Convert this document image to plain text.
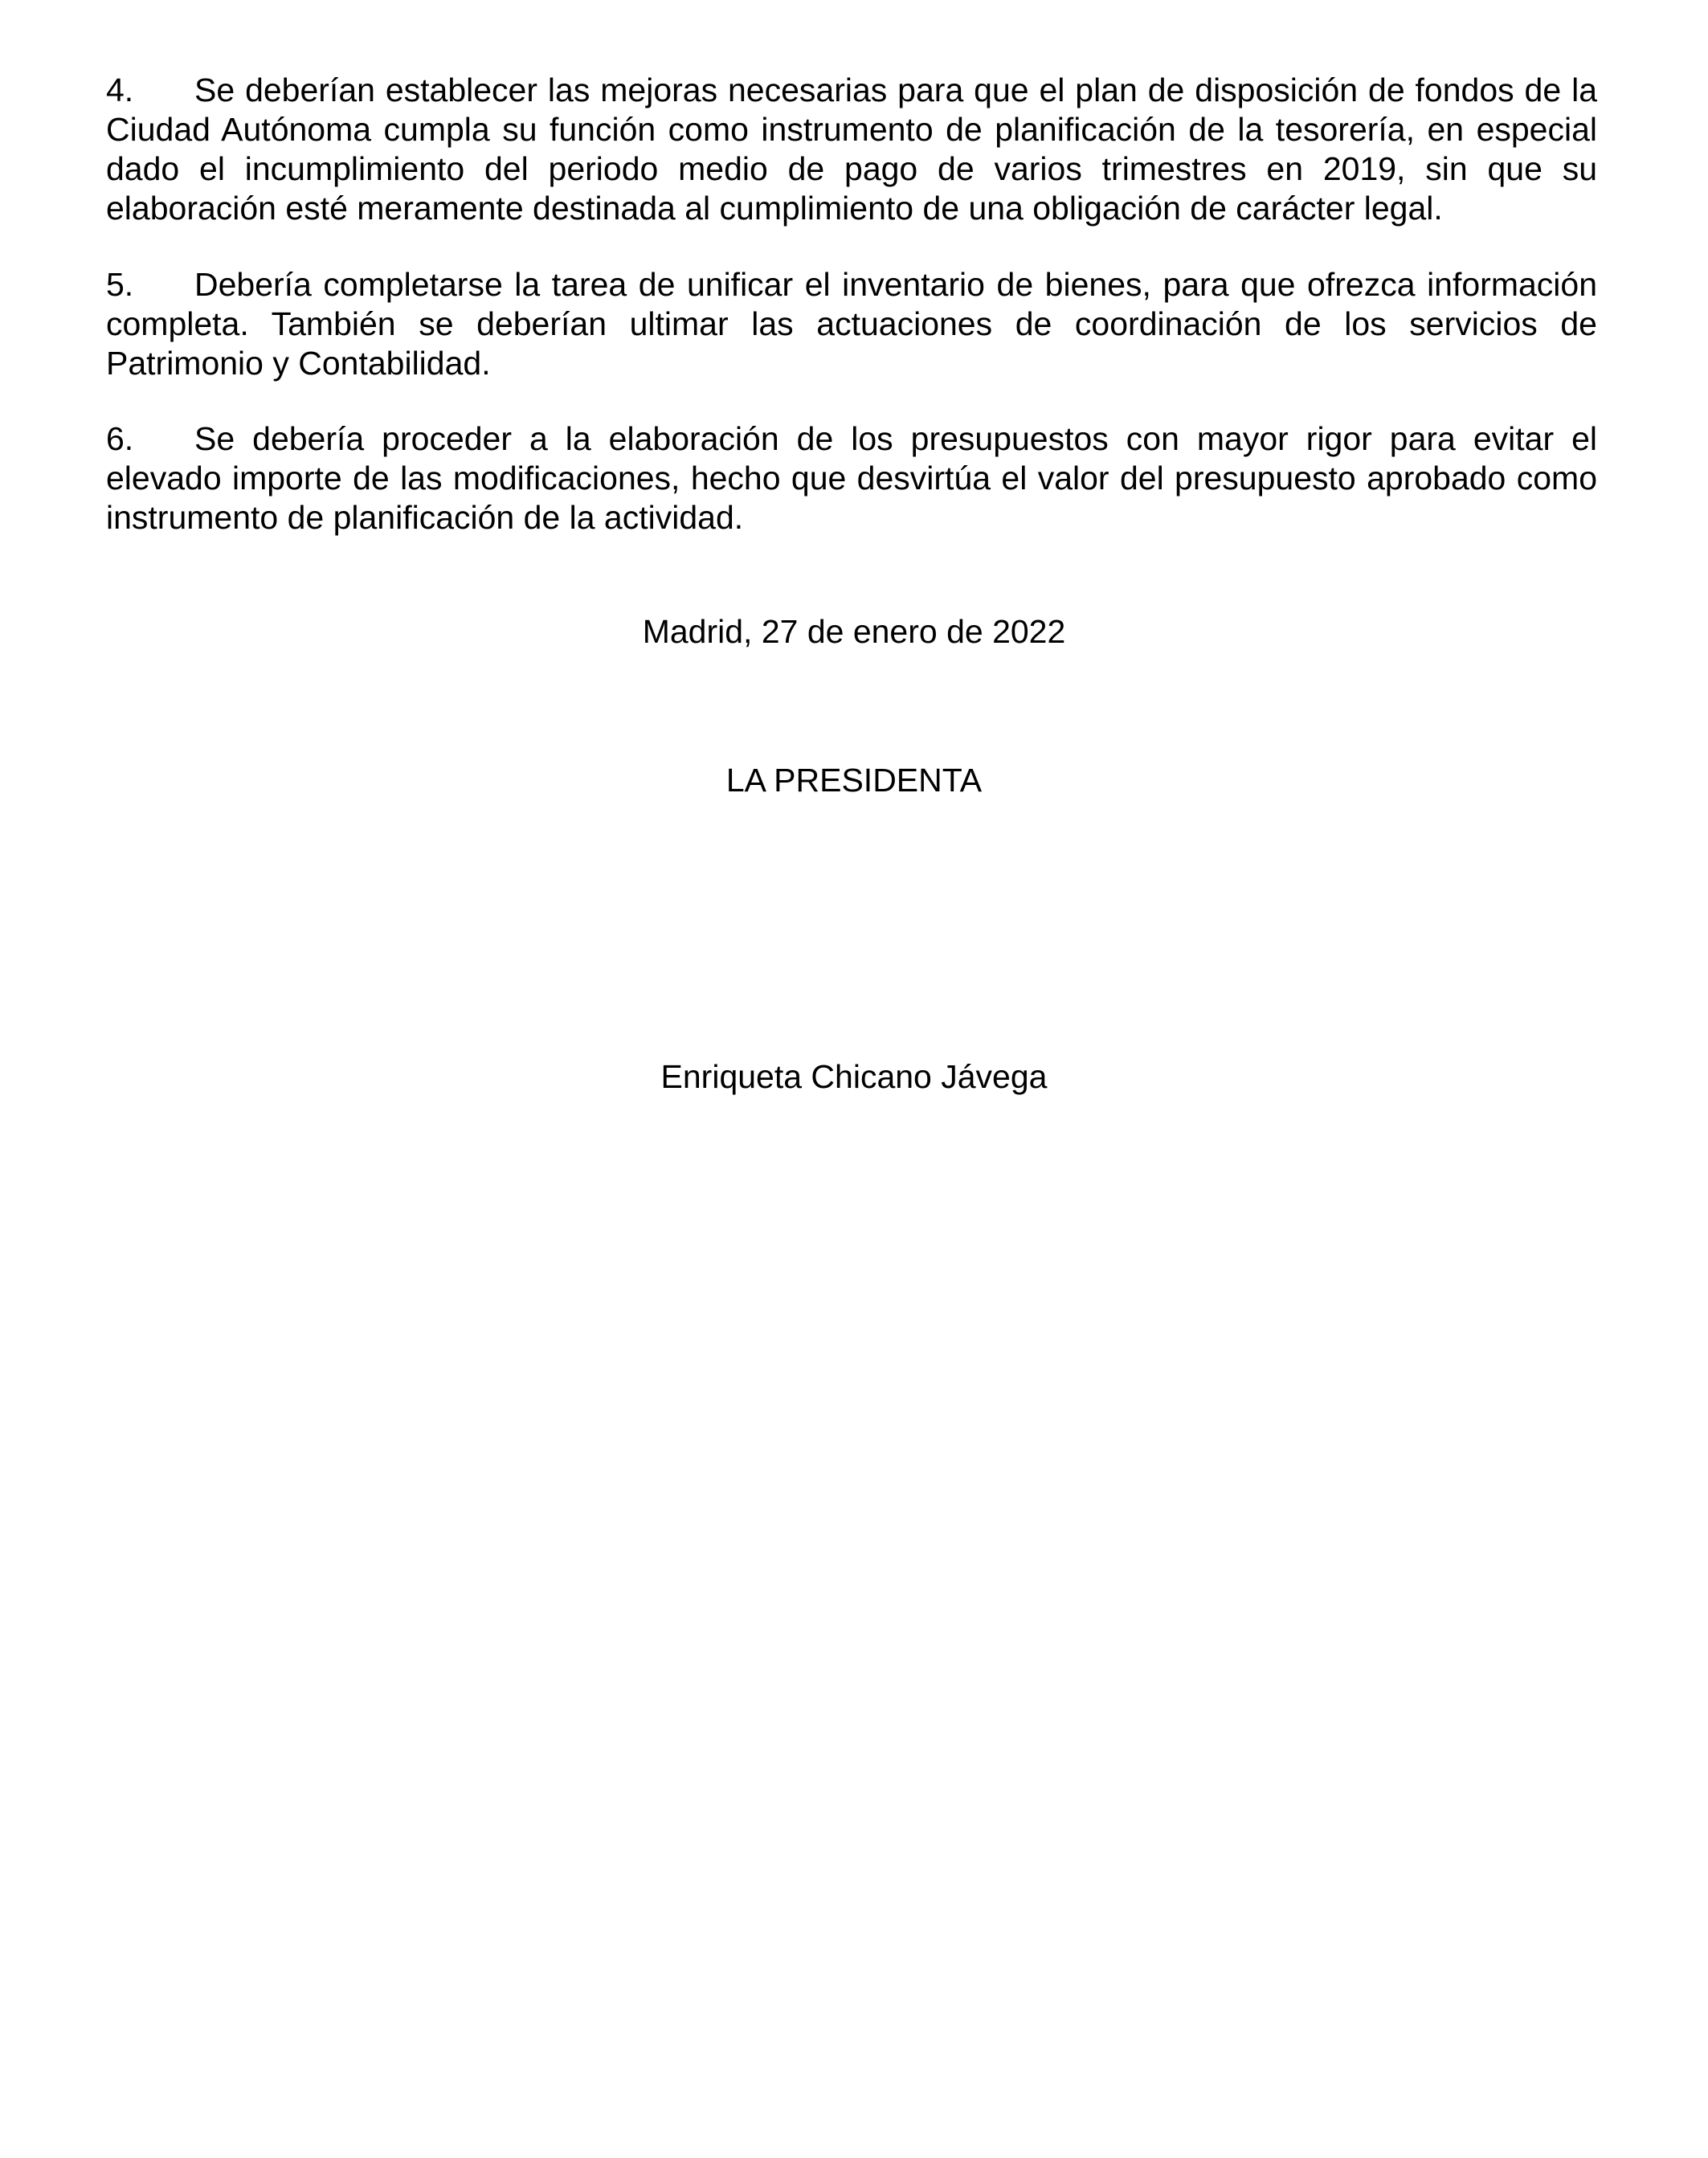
4. Se deberían establecer las mejoras necesarias para que el plan de disposición de fondos de la Ciudad Autónoma cumpla su función como instrumento de planificación de la tesorería, en especial dado el incumplimiento del periodo medio de pago de varios trimestres en 2019, sin que su elaboración esté meramente destinada al cumplimiento de una obligación de carácter legal.

5. Debería completarse la tarea de unificar el inventario de bienes, para que ofrezca información completa. También se deberían ultimar las actuaciones de coordinación de los servicios de Patrimonio y Contabilidad.

6. Se debería proceder a la elaboración de los presupuestos con mayor rigor para evitar el elevado importe de las modificaciones, hecho que desvirtúa el valor del presupuesto aprobado como instrumento de planificación de la actividad.

Madrid, 27 de enero de 2022

LA PRESIDENTA

Enriqueta Chicano Jávega
